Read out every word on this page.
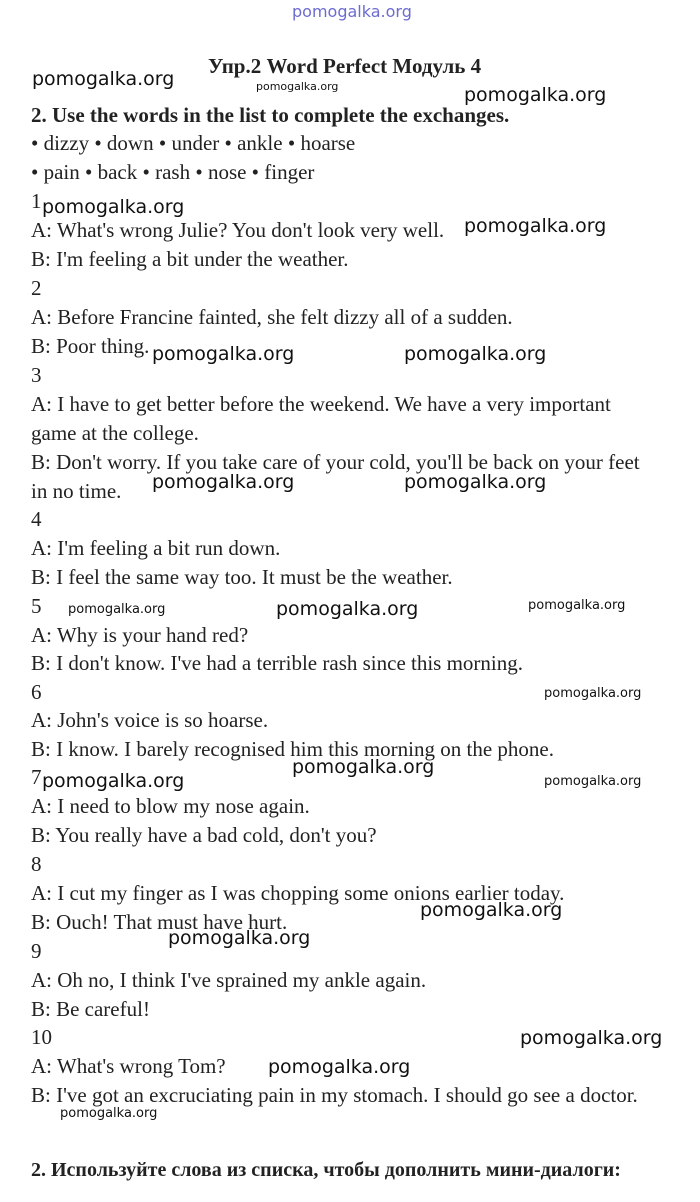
pomogalka.org
Упр.2 Word Perfect Модуль 4
pomogalka.org
pomogalka.org
pomogalka.org
2. Use the words in the list to complete the exchanges.
• dizzy • down • under • ankle • hoarse
• pain • back • rash • nose • finger
1 pomogalka.org
A: What's wrong Julie? You don't look very well. pomogalka.org
B: I'm feeling a bit under the weather.
2
A: Before Francine fainted, she felt dizzy all of a sudden.
B: Poor thing. pomogalka.org	pomogalka.org
3
A: I have to get better before the weekend. We have a very important
game at the college.
B: Don't worry. If you take care of your cold, you'll be back on your feet
in no time. pomogalka.org	pomogalka.org
4
A: I'm feeling a bit run down.
B: I feel the same way too. It must be the weather.
5 pomogalka.org	pomogalka.org	pomogalka.org
A: Why is your hand red?
B: I don't know. I've had a terrible rash since this morning.
6	pomogalka.org
A: John's voice is so hoarse.
B: I know. I barely recognised him this morning on the phone.
pomogalka.org
7 pomogalka.org	pomogalka.org
A: I need to blow my nose again.
B: You really have a bad cold, don't you?
8
A: I cut my finger as I was chopping some onions earlier today.
B: Ouch! That must have hurt.	pomogalka.org
pomogalka.org
9
A: Oh no, I think I've sprained my ankle again.
B: Be careful!
10	pomogalka.org
A: What's wrong Tom? pomogalka.org
B: I've got an excruciating pain in my stomach. I should go see a doctor.
pomogalka.org
2. Используйте слова из списка, чтобы дополнить мини-диалоги:
